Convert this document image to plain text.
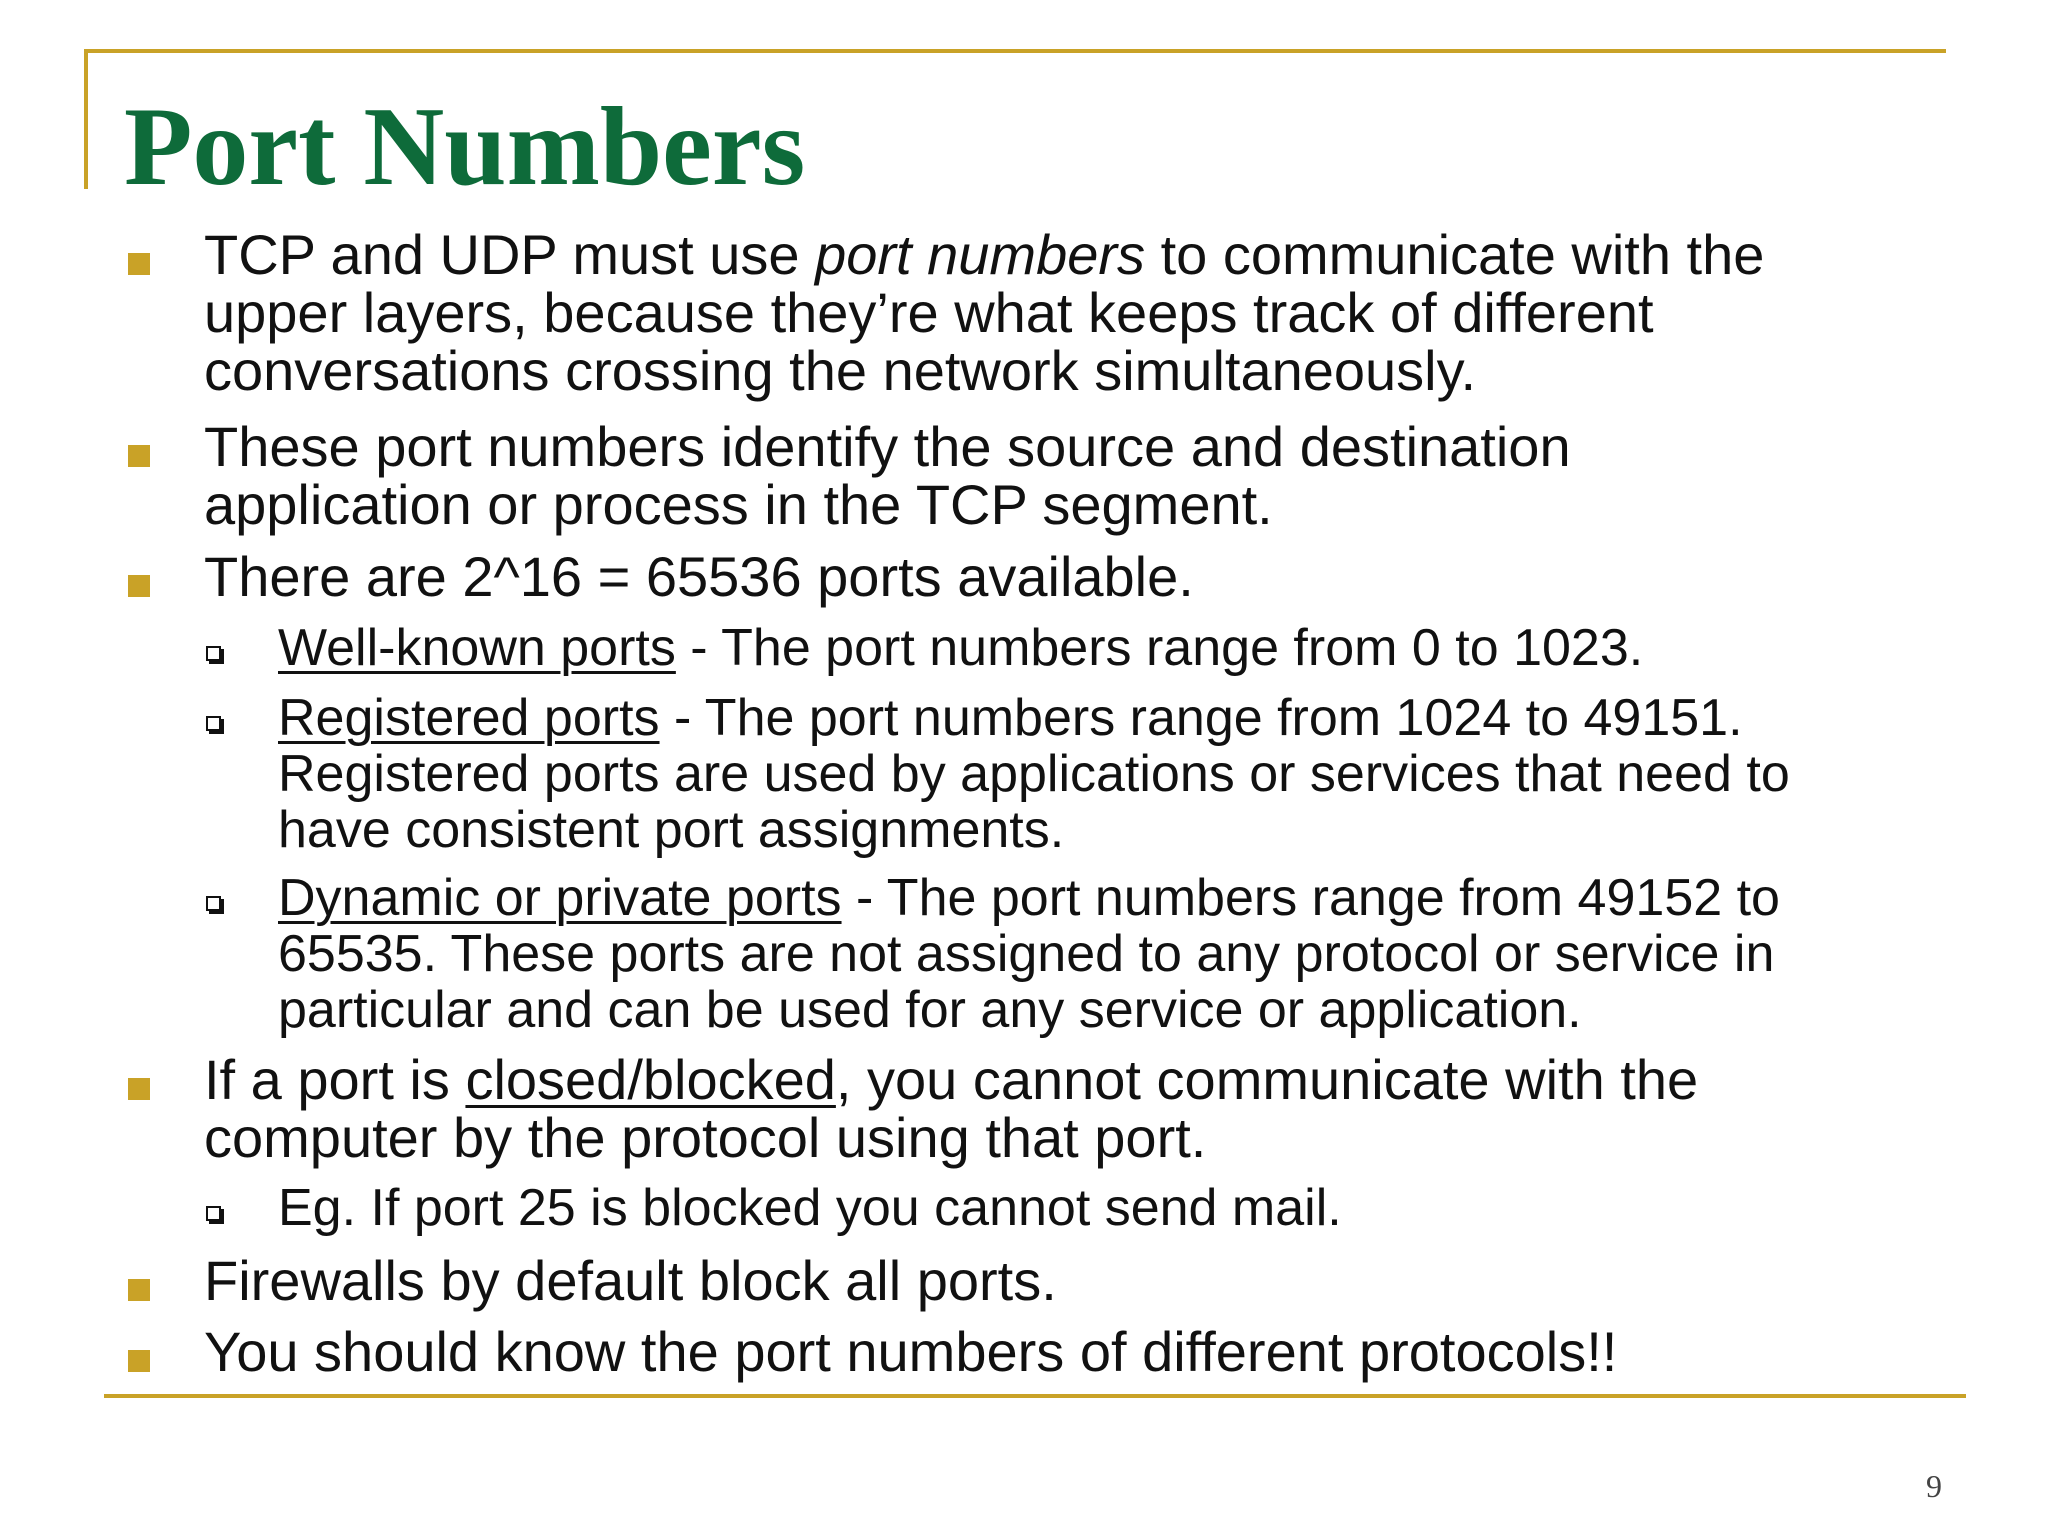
Port Numbers
TCP and UDP must use port numbers to communicate with the
upper layers, because they’re what keeps track of different
conversations crossing the network simultaneously.
These port numbers identify the source and destination
application or process in the TCP segment.
There are 2^16 = 65536 ports available.
Well-known ports - The port numbers range from 0 to 1023.
Registered ports - The port numbers range from 1024 to 49151.
Registered ports are used by applications or services that need to
have consistent port assignments.
Dynamic or private ports - The port numbers range from 49152 to
65535. These ports are not assigned to any protocol or service in
particular and can be used for any service or application.
If a port is closed/blocked, you cannot communicate with the
computer by the protocol using that port.
Eg. If port 25 is blocked you cannot send mail.
Firewalls by default block all ports.
You should know the port numbers of different protocols!!
9
